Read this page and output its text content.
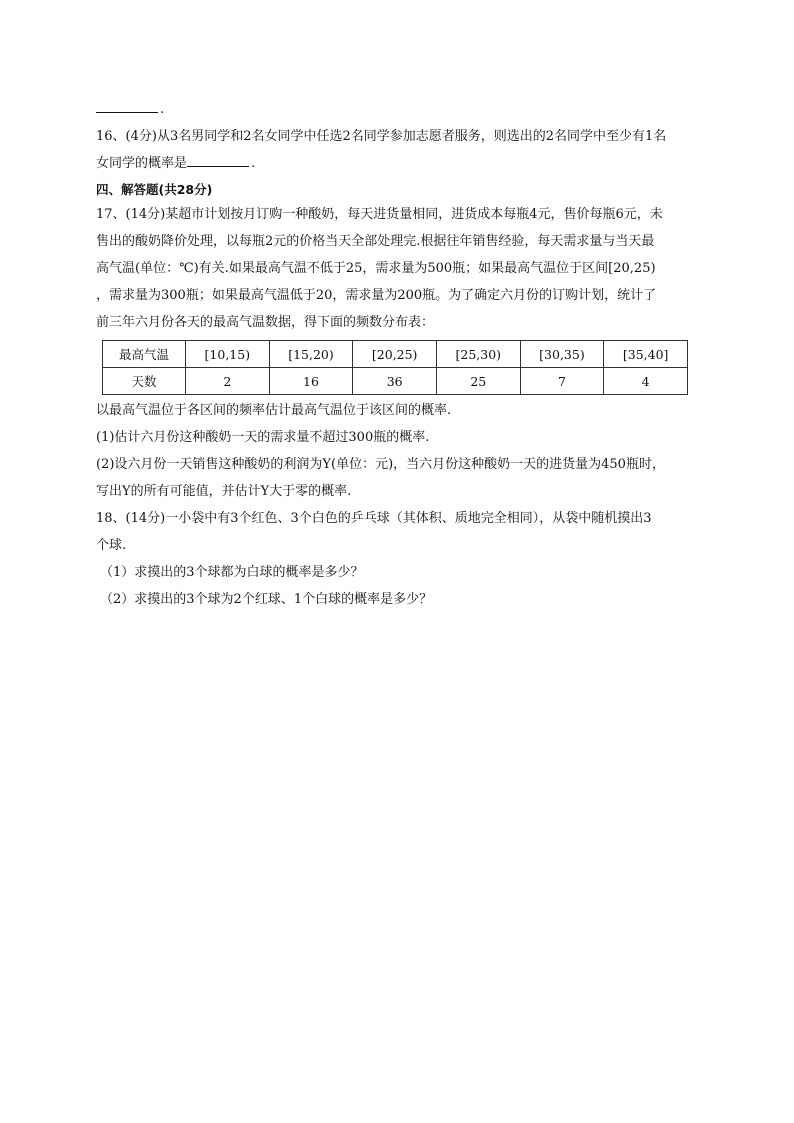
.
16、(4分)从3名男同学和2名女同学中任选2名同学参加志愿者服务，则选出的2名同学中至少有1名
女同学的概率是	.
四、解答题(共28分)
17、(14分)某超市计划按月订购一种酸奶，每天进货量相同，进货成本每瓶4元，售价每瓶6元，未
售出的酸奶降价处理，以每瓶2元的价格当天全部处理完.根据往年销售经验，每天需求量与当天最
高气温(单位：℃)有关.如果最高气温不低于25，需求量为500瓶；如果最高气温位于区间[20,25)
，需求量为300瓶；如果最高气温低于20，需求量为200瓶。为了确定六月份的订购计划，统计了
前三年六月份各天的最高气温数据，得下面的频数分布表：
最高气温	[10,15)	[15,20)	[20,25)	[25,30)	[30,35)	[35,40]
天数	2	16	36	25	7	4
以最高气温位于各区间的频率估计最高气温位于该区间的概率.
(1)估计六月份这种酸奶一天的需求量不超过300瓶的概率.
(2)设六月份一天销售这种酸奶的利润为Y(单位：元)，当六月份这种酸奶一天的进货量为450瓶时，
写出Y的所有可能值，并估计Y大于零的概率.
18、(14分)一小袋中有3个红色、3个白色的乒乓球（其体积、质地完全相同），从袋中随机摸出3
个球.
（1）求摸出的3个球都为白球的概率是多少？
（2）求摸出的3个球为2个红球、1个白球的概率是多少？
